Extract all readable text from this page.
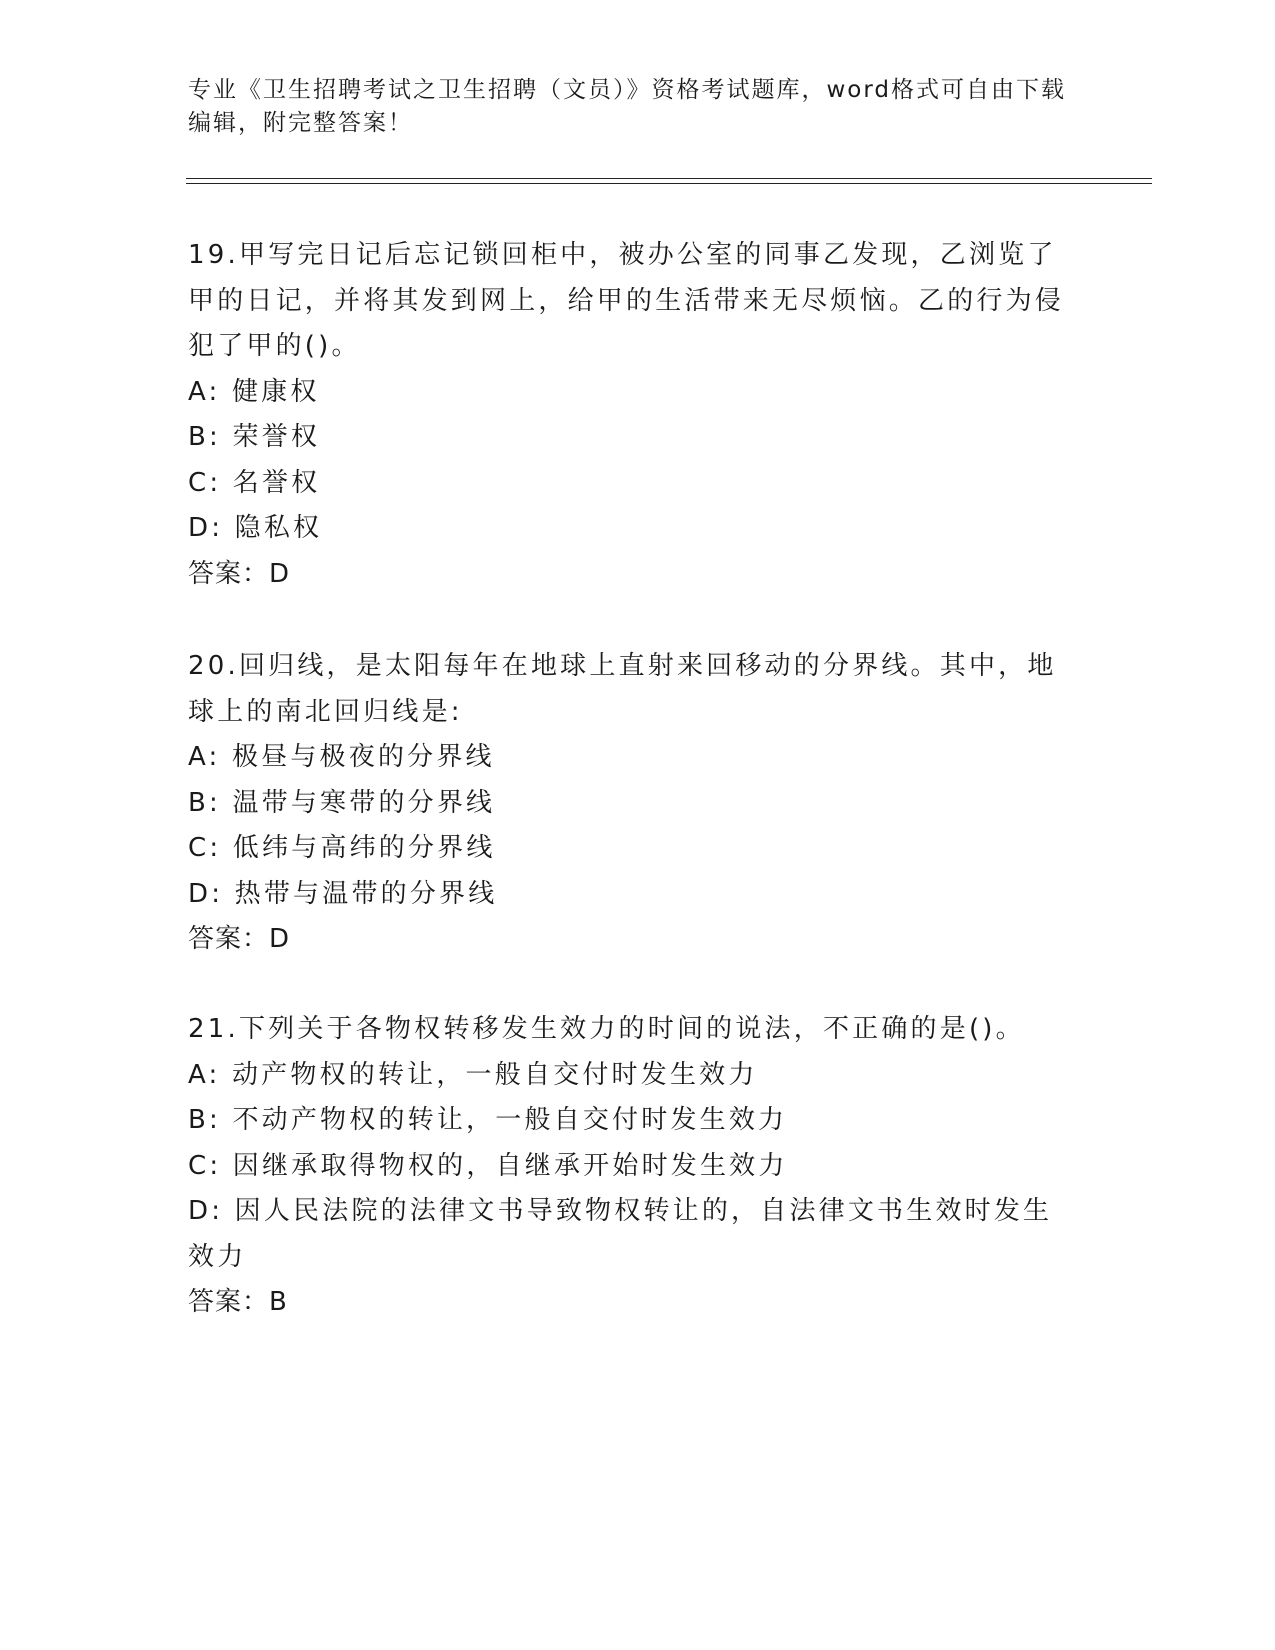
专业《卫生招聘考试之卫生招聘（文员）》资格考试题库，word格式可自由下载编辑，附完整答案！

19.甲写完日记后忘记锁回柜中，被办公室的同事乙发现，乙浏览了甲的日记，并将其发到网上，给甲的生活带来无尽烦恼。乙的行为侵犯了甲的()。

A: 健康权

B: 荣誉权

C: 名誉权

D: 隐私权

答案：D

20.回归线，是太阳每年在地球上直射来回移动的分界线。其中，地球上的南北回归线是:

A: 极昼与极夜的分界线

B: 温带与寒带的分界线

C: 低纬与高纬的分界线

D: 热带与温带的分界线

答案：D

21.下列关于各物权转移发生效力的时间的说法，不正确的是()。

A: 动产物权的转让，一般自交付时发生效力

B: 不动产物权的转让，一般自交付时发生效力

C: 因继承取得物权的，自继承开始时发生效力

D: 因人民法院的法律文书导致物权转让的，自法律文书生效时发生效力

答案：B
